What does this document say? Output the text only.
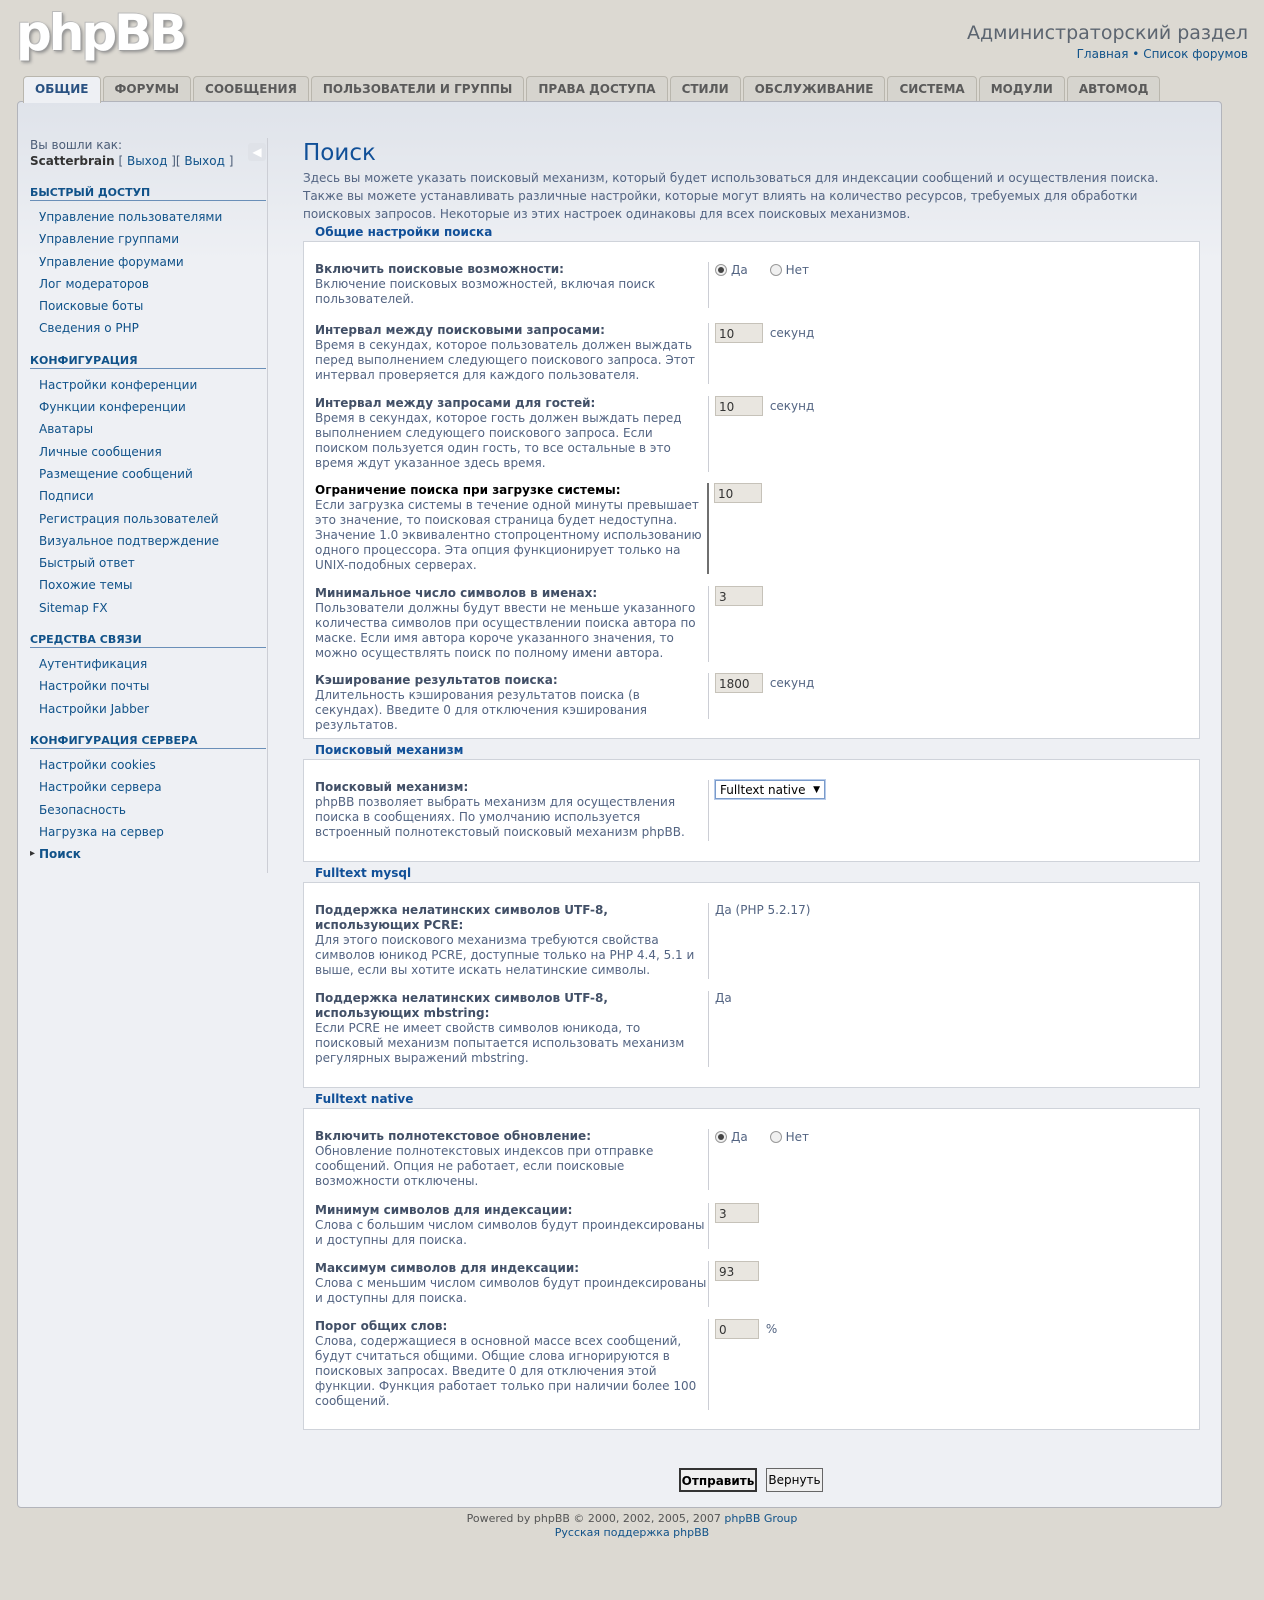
phpBB	Администраторский раздел
Главная • Список форумов
ОБЩИЕ	ФОРУМЫ	СООБЩЕНИЯ	ПОЛЬЗОВАТЕЛИ И ГРУППЫ	ПРАВА ДОСТУПА	СТИЛИ	ОБСЛУЖИВАНИЕ	СИСТЕМА	МОДУЛИ	АВТОМОД
◀
Вы вошли как:
Scatterbrain [ Выход ][ Выход ]
БЫСТРЫЙ ДОСТУП
Управление пользователями
Управление группами
Управление форумами
Лог модераторов
Поисковые боты
Сведения о PHP
КОНФИГУРАЦИЯ
Настройки конференции
Функции конференции
Аватары
Личные сообщения
Размещение сообщений
Подписи
Регистрация пользователей
Визуальное подтверждение
Быстрый ответ
Похожие темы
Sitemap FX
СРЕДСТВА СВЯЗИ
Аутентификация
Настройки почты
Настройки Jabber
КОНФИГУРАЦИЯ СЕРВЕРА
Настройки cookies
Настройки сервера
Безопасность
Нагрузка на сервер
▸ Поиск
Поиск
Здесь вы можете указать поисковый механизм, который будет использоваться для индексации сообщений и осуществления поиска. Также вы можете устанавливать различные настройки, которые могут влиять на количество ресурсов, требуемых для обработки поисковых запросов. Некоторые из этих настроек одинаковы для всех поисковых механизмов.
Общие настройки поиска
Включить поисковые возможности:
Включение поисковых возможностей, включая поиск пользователей.
Да	Нет
Интервал между поисковыми запросами:
Время в секундах, которое пользователь должен выждать перед выполнением следующего поискового запроса. Этот интервал проверяется для каждого пользователя.
10	секунд
Интервал между запросами для гостей:
Время в секундах, которое гость должен выждать перед выполнением следующего поискового запроса. Если поиском пользуется один гость, то все остальные в это время ждут указанное здесь время.
10	секунд
Ограничение поиска при загрузке системы:
Если загрузка системы в течение одной минуты превышает это значение, то поисковая страница будет недоступна. Значение 1.0 эквивалентно стопроцентному использованию одного процессора. Эта опция функционирует только на UNIX-подобных серверах.
10
Минимальное число символов в именах:
Пользователи должны будут ввести не меньше указанного количества символов при осуществлении поиска автора по маске. Если имя автора короче указанного значения, то можно осуществлять поиск по полному имени автора.
3
Кэширование результатов поиска:
Длительность кэширования результатов поиска (в секундах). Введите 0 для отключения кэширования результатов.
1800 секунд
Поисковый механизм
Поисковый механизм:
phpBB позволяет выбрать механизм для осуществления поиска в сообщениях. По умолчанию используется встроенный полнотекстовый поисковый механизм phpBB.
Fulltext native ▼
Fulltext mysql
Поддержка нелатинских символов UTF-8, использующих PCRE:
Для этого поискового механизма требуются свойства символов юникод PCRE, доступные только на PHP 4.4, 5.1 и выше, если вы хотите искать нелатинские символы.
Да (PHP 5.2.17)
Поддержка нелатинских символов UTF-8, использующих mbstring:
Если PCRE не имеет свойств символов юникода, то поисковый механизм попытается использовать механизм регулярных выражений mbstring.
Да
Fulltext native
Включить полнотекстовое обновление:
Обновление полнотекстовых индексов при отправке сообщений. Опция не работает, если поисковые возможности отключены.
Да	Нет
Минимум символов для индексации:
Слова с большим числом символов будут проиндексированы и доступны для поиска.
3
Максимум символов для индексации:
Слова с меньшим числом символов будут проиндексированы и доступны для поиска.
93
Порог общих слов:
Слова, содержащиеся в основной массе всех сообщений, будут считаться общими. Общие слова игнорируются в поисковых запросах. Введите 0 для отключения этой функции. Функция работает только при наличии более 100 сообщений.
0	%
Отправить Вернуть
Powered by phpBB © 2000, 2002, 2005, 2007 phpBB Group
Русская поддержка phpBB
